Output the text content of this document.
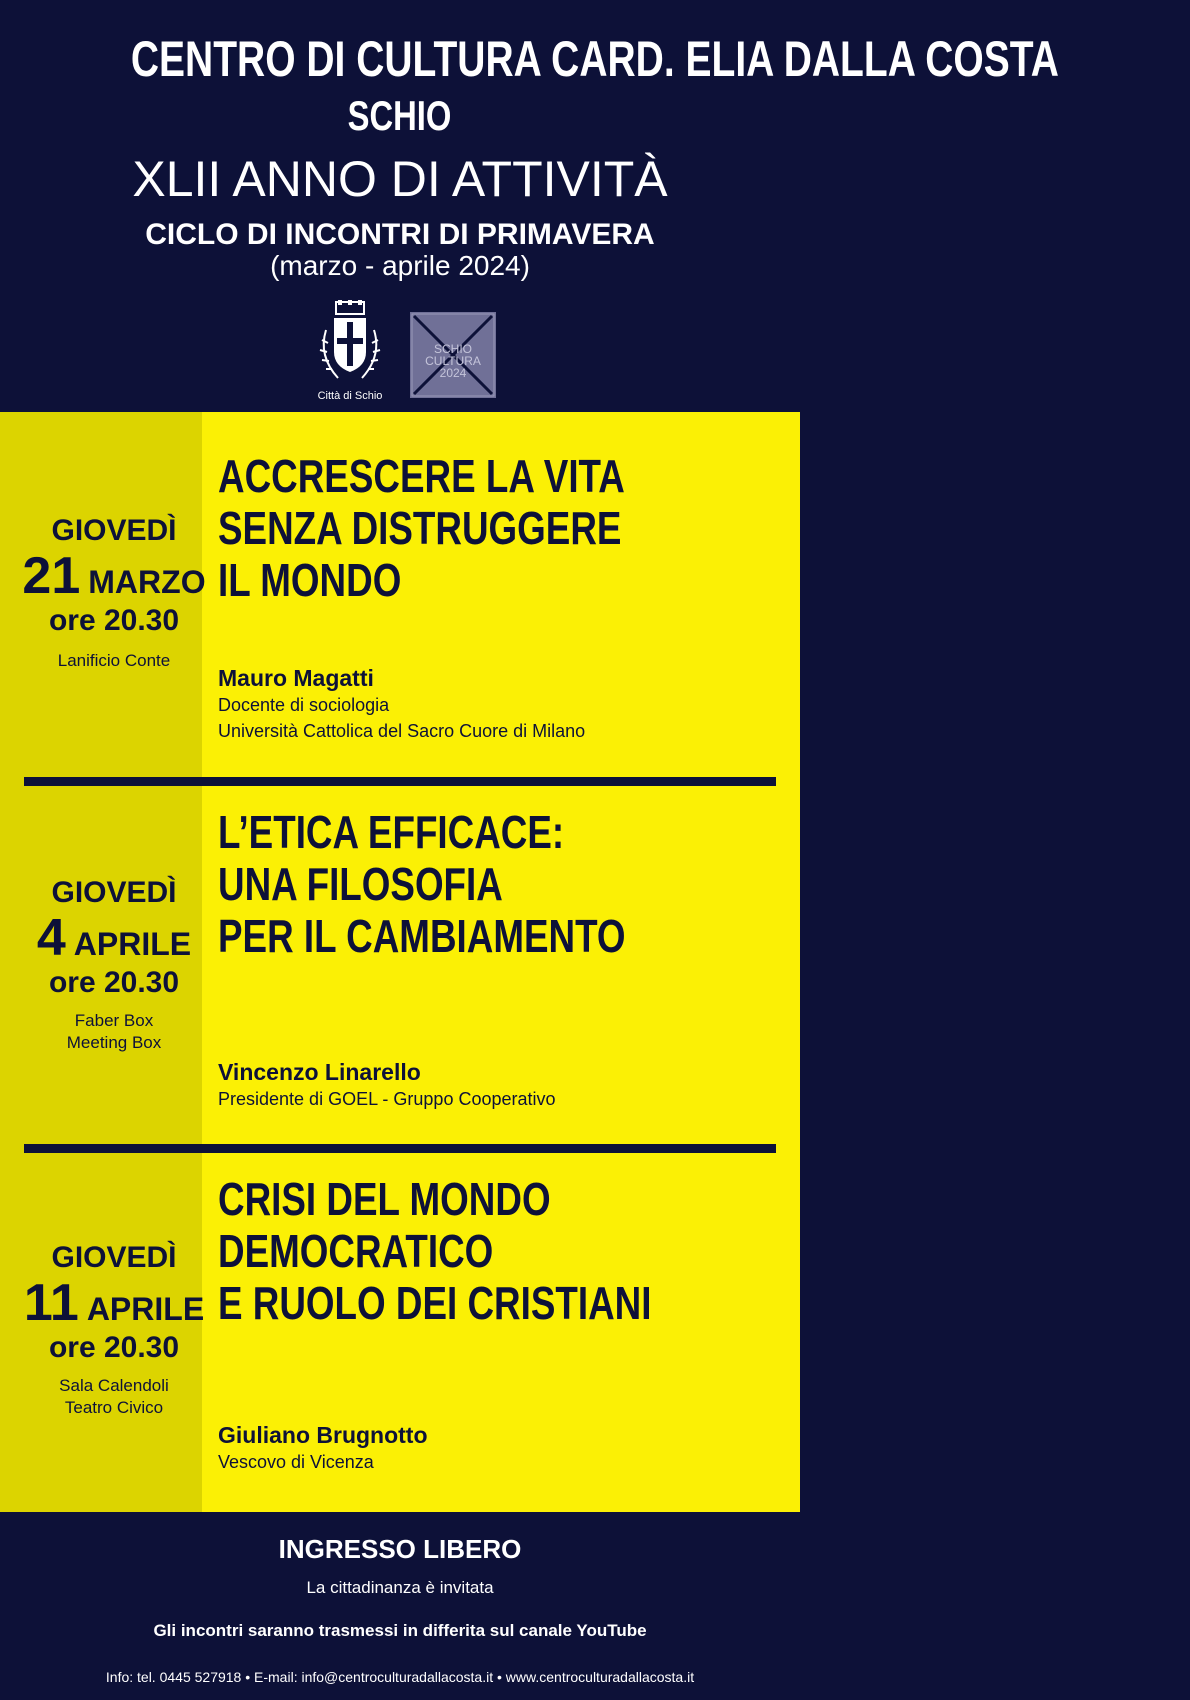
CENTRO DI CULTURA CARD. ELIA DALLA COSTA
SCHIO
XLII ANNO DI ATTIVITÀ
CICLO DI INCONTRI DI PRIMAVERA
(marzo - aprile 2024)
Città di Schio
SCHIO
CULTURA
2024
GIOVEDÌ
21 MARZO
ore 20.30
Lanificio Conte
ACCRESCERE LA VITA
SENZA DISTRUGGERE
IL MONDO
Mauro Magatti
Docente di sociologia
Università Cattolica del Sacro Cuore di Milano
GIOVEDÌ
4 APRILE
ore 20.30
Faber Box
Meeting Box
L’ETICA EFFICACE:
UNA FILOSOFIA
PER IL CAMBIAMENTO
Vincenzo Linarello
Presidente di GOEL - Gruppo Cooperativo
GIOVEDÌ
11 APRILE
ore 20.30
Sala Calendoli
Teatro Civico
CRISI DEL MONDO
DEMOCRATICO
E RUOLO DEI CRISTIANI
Giuliano Brugnotto
Vescovo di Vicenza
INGRESSO LIBERO
La cittadinanza è invitata
Gli incontri saranno trasmessi in differita sul canale YouTube
Info: tel. 0445 527918 • E-mail: info@centroculturadallacosta.it • www.centroculturadallacosta.it
